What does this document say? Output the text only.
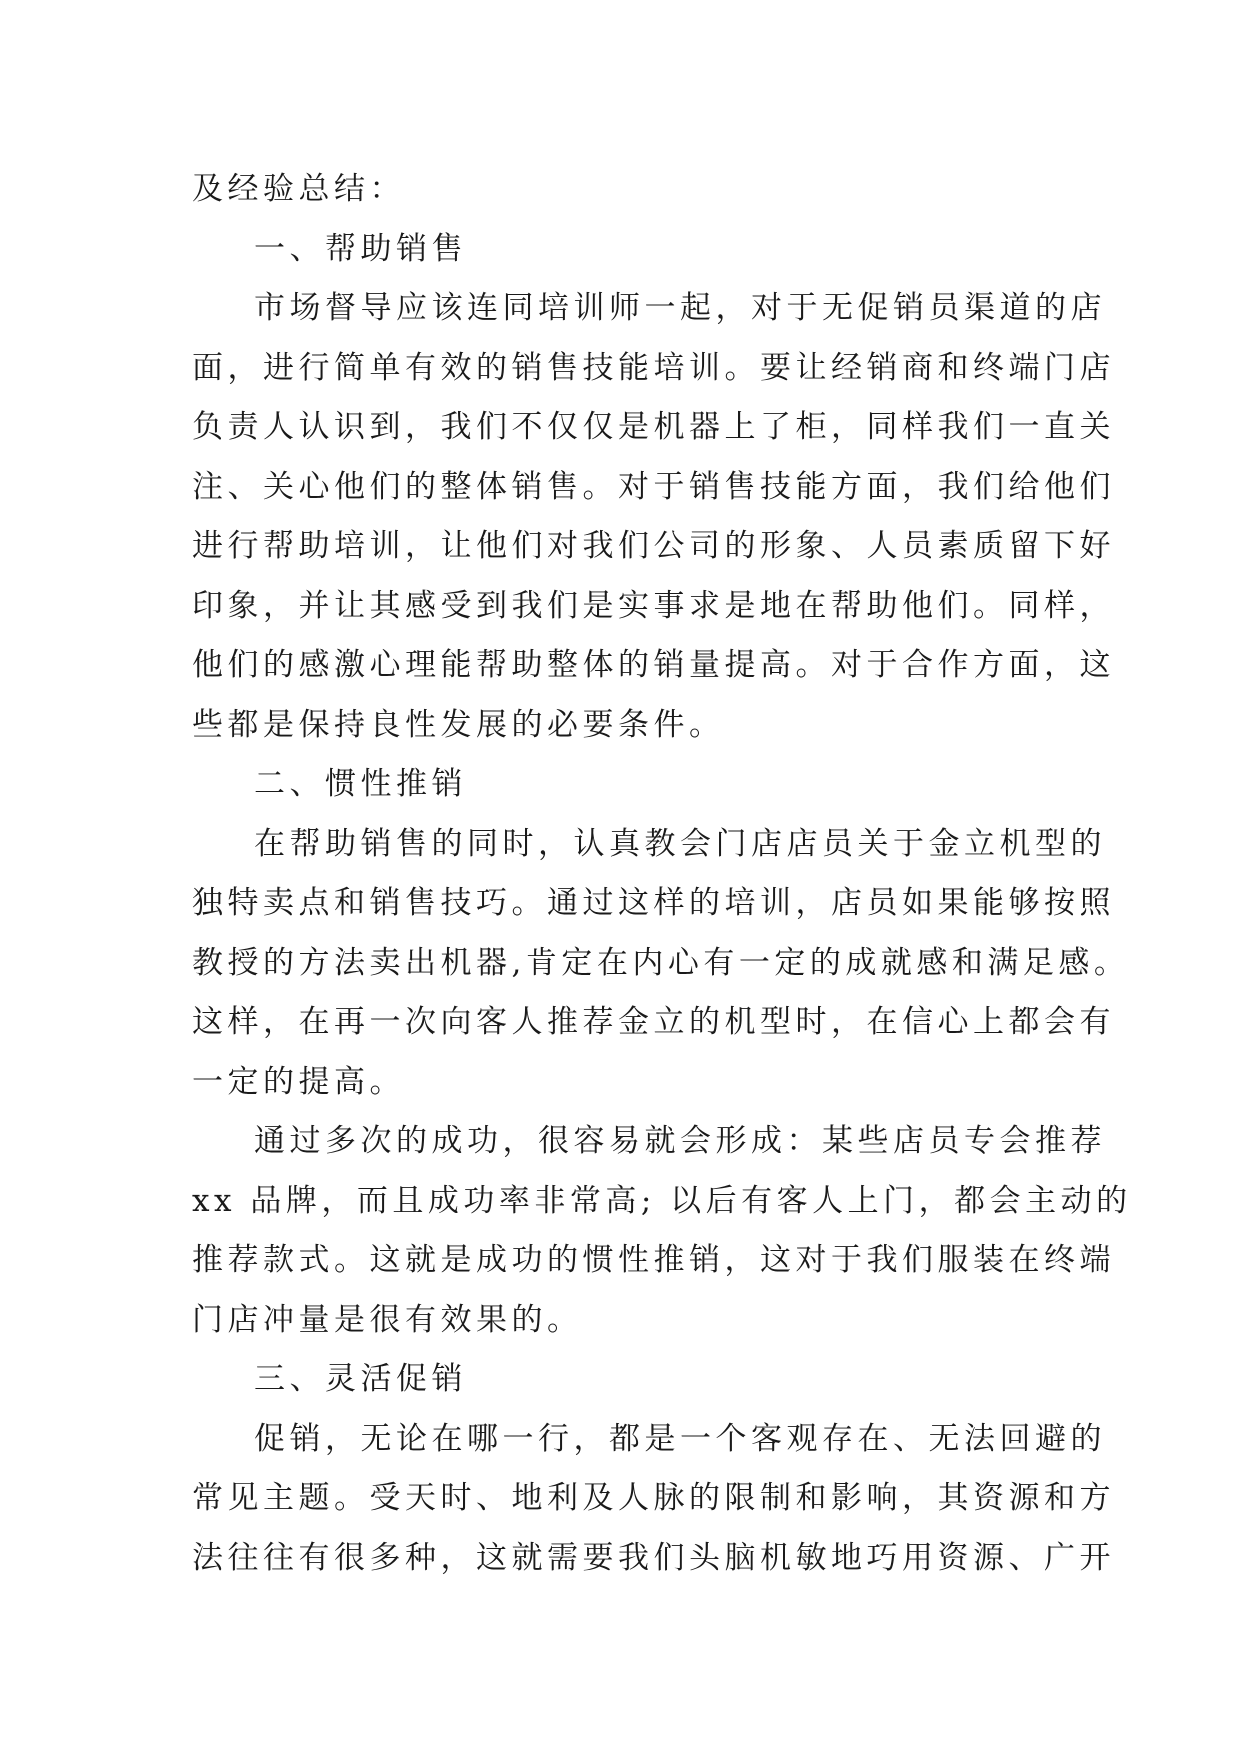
及经验总结：
一、帮助销售
市场督导应该连同培训师一起，对于无促销员渠道的店
面，进行简单有效的销售技能培训。要让经销商和终端门店
负责人认识到，我们不仅仅是机器上了柜，同样我们一直关
注、关心他们的整体销售。对于销售技能方面，我们给他们
进行帮助培训，让他们对我们公司的形象、人员素质留下好
印象，并让其感受到我们是实事求是地在帮助他们。同样，
他们的感激心理能帮助整体的销量提高。对于合作方面，这
些都是保持良性发展的必要条件。
二、惯性推销
在帮助销售的同时，认真教会门店店员关于金立机型的
独特卖点和销售技巧。通过这样的培训，店员如果能够按照
教授的方法卖出机器,肯定在内心有一定的成就感和满足感。
这样，在再一次向客人推荐金立的机型时，在信心上都会有
一定的提高。
通过多次的成功，很容易就会形成：某些店员专会推荐
xx 品牌，而且成功率非常高; 以后有客人上门，都会主动的
推荐款式。这就是成功的惯性推销，这对于我们服装在终端
门店冲量是很有效果的。
三、灵活促销
促销，无论在哪一行，都是一个客观存在、无法回避的
常见主题。受天时、地利及人脉的限制和影响，其资源和方
法往往有很多种，这就需要我们头脑机敏地巧用资源、广开
